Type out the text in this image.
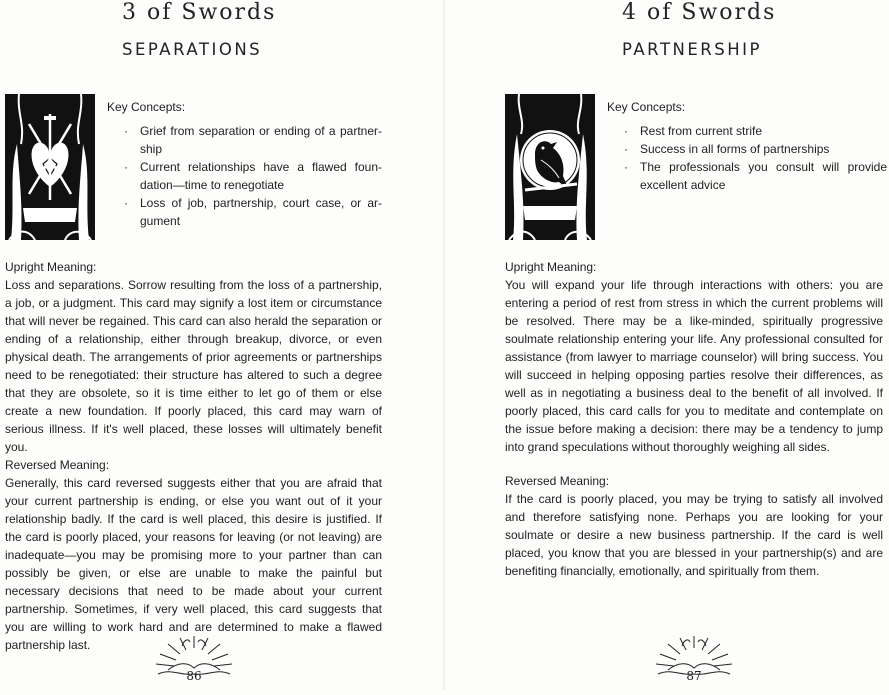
3 of Swords
SEPARATIONS
Key Concepts:
· Grief from separation or ending of a partner-ship
· Current relationships have a flawed foun-dation—time to renegotiate
· Loss of job, partnership, court case, or ar-gument
Upright Meaning:

Loss and separations. Sorrow resulting from the loss of a partnership, a job, or a judgment. This card may signify a lost item or circumstance that will never be regained. This card can also herald the separation or ending of a relationship, either through breakup, divorce, or even physical death. The arrangements of prior agreements or partnerships need to be renegotiated: their structure has altered to such a degree that they are obsolete, so it is time either to let go of them or else create a new foundation. If poorly placed, this card may warn of serious illness. If it's well placed, these losses will ultimately benefit you.

Reversed Meaning:

Generally, this card reversed suggests either that you are afraid that your current partnership is ending, or else you want out of it your relationship badly. If the card is well placed, this desire is justified. If the card is poorly placed, your reasons for leaving (or not leaving) are inadequate—you may be promising more to your partner than can possibly be given, or else are unable to make the painful but necessary decisions that need to be made about your current partnership. Sometimes, if very well placed, this card suggests that you are willing to work hard and are determined to make a flawed partnership last.

86
4 of Swords
PARTNERSHIP
Key Concepts:
· Rest from current strife
· Success in all forms of partnerships
· The professionals you consult will provide excellent advice
Upright Meaning:

You will expand your life through interactions with others: you are entering a period of rest from stress in which the current problems will be resolved. There may be a like-minded, spiritually progressive soulmate relationship entering your life. Any professional consulted for assistance (from lawyer to marriage counselor) will bring success. You will succeed in helping opposing parties resolve their differences, as well as in negotiating a business deal to the benefit of all involved. If poorly placed, this card calls for you to meditate and contemplate on the issue before making a decision: there may be a tendency to jump into grand speculations without thoroughly weighing all sides.

Reversed Meaning:

If the card is poorly placed, you may be trying to satisfy all involved and therefore satisfying none. Perhaps you are looking for your soulmate or desire a new business partnership. If the card is well placed, you know that you are blessed in your partnership(s) and are benefiting financially, emotionally, and spiritually from them.

87
